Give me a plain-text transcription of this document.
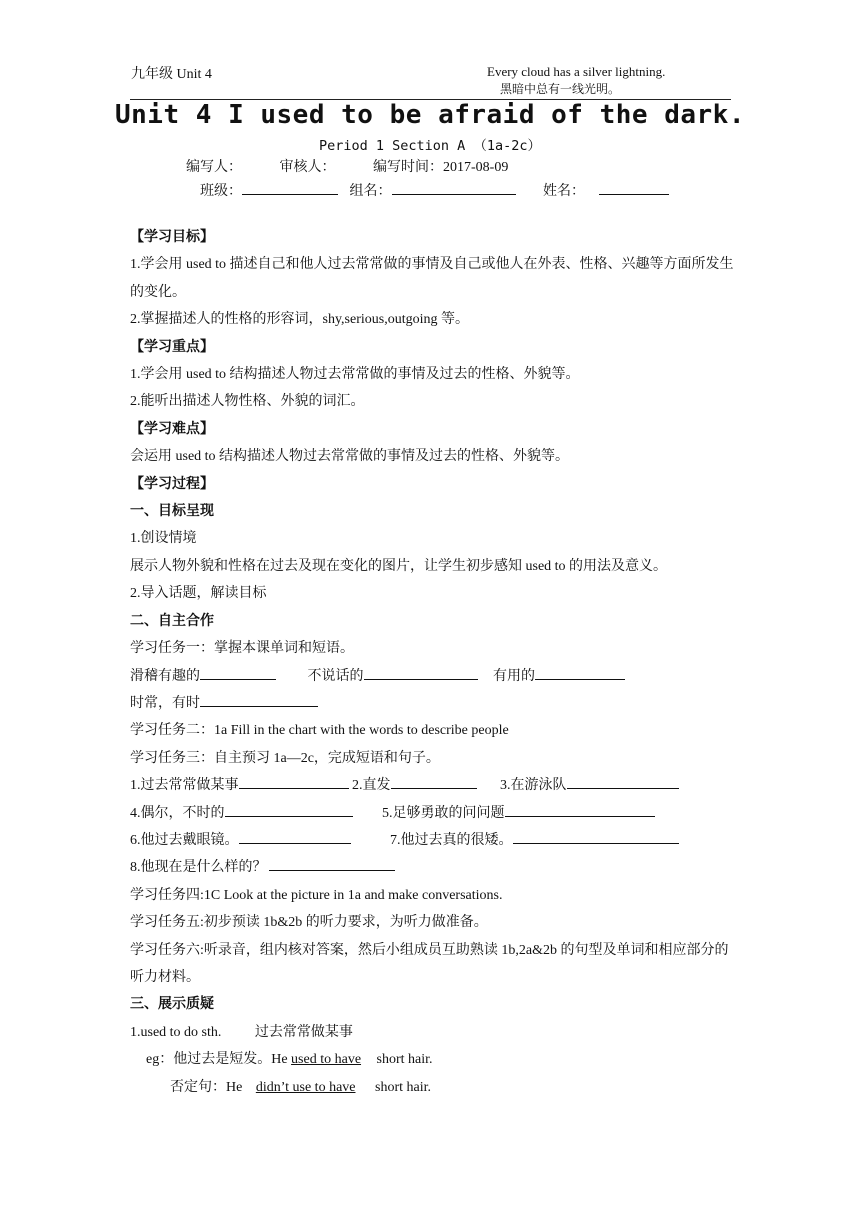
九年级 Unit 4	Every cloud has a silver lightning.
黑暗中总有一线光明。
Unit 4 I used to be afraid of the dark.
Period 1 Section A （1a-2c）
编写人：	审核人：	编写时间：2017-08-09
班级：	组名：	姓名：

【学习目标】

1.学会用 used to 描述自己和他人过去常常做的事情及自己或他人在外表、性格、兴趣等方面所发生的变化。

2.掌握描述人的性格的形容词，shy,serious,outgoing 等。

【学习重点】

1.学会用 used to 结构描述人物过去常常做的事情及过去的性格、外貌等。

2.能听出描述人物性格、外貌的词汇。

【学习难点】

会运用 used to 结构描述人物过去常常做的事情及过去的性格、外貌等。

【学习过程】

一、目标呈现

1.创设情境

展示人物外貌和性格在过去及现在变化的图片，让学生初步感知 used to 的用法及意义。

2.导入话题，解读目标

二、自主合作

学习任务一：掌握本课单词和短语。

滑稽有趣的	不说话的	有用的

时常，有时

学习任务二：1a Fill in the chart with the words to describe people

学习任务三：自主预习 1a—2c，完成短语和句子。

1.过去常常做某事	2.直发	3.在游泳队

4.偶尔，不时的	5.足够勇敢的问问题

6.他过去戴眼镜。	7.他过去真的很矮。

8.他现在是什么样的？

学习任务四:1C Look at the picture in 1a and make conversations.

学习任务五:初步预读 1b&2b 的听力要求，为听力做准备。

学习任务六:听录音，组内核对答案，然后小组成员互助熟读 1b,2a&2b 的句型及单词和相应部分的听力材料。

三、展示质疑

1.used to do sth. 过去常常做某事

eg：他过去是短发。He used to have short hair.

否定句：He didn’t use to have short hair.
